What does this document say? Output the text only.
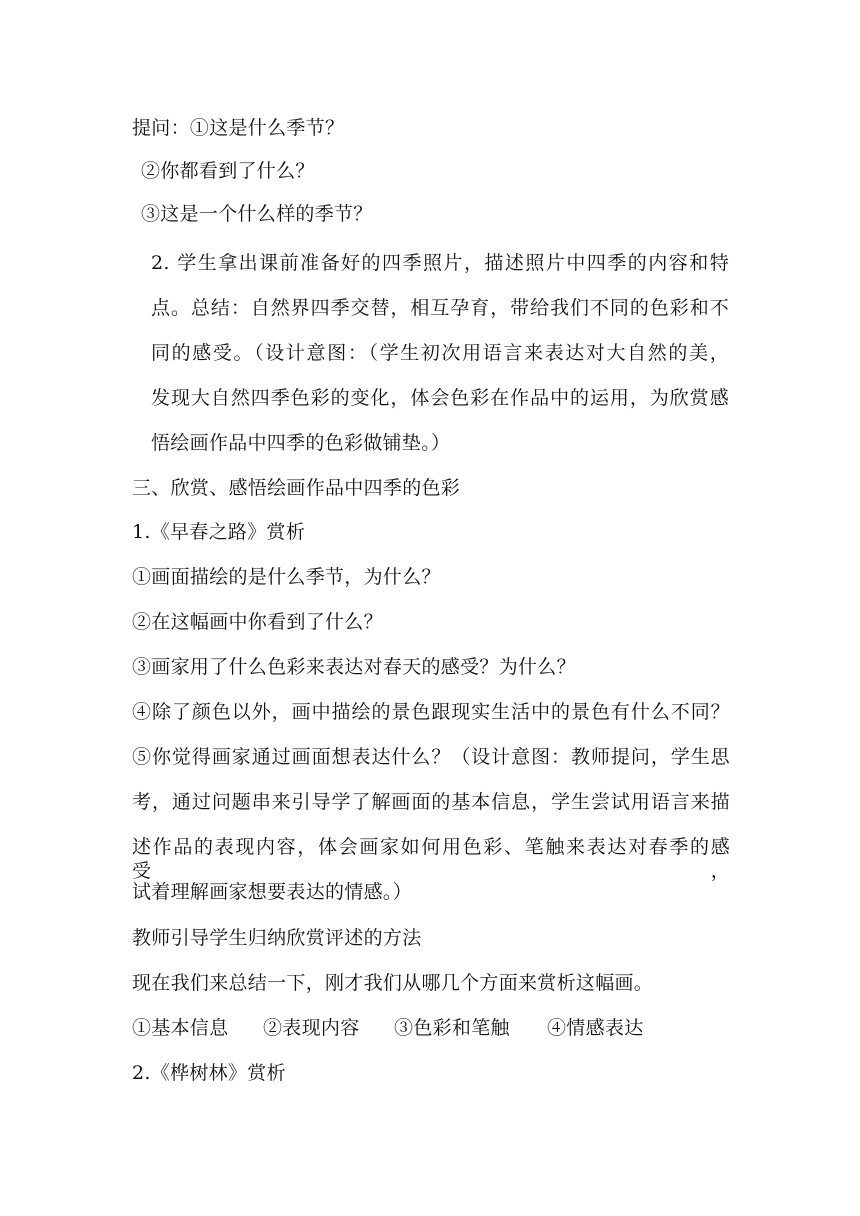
提问：①这是什么季节？
②你都看到了什么？
③这是一个什么样的季节？
2. 学生拿出课前准备好的四季照片，描述照片中四季的内容和特
点。总结：自然界四季交替，相互孕育，带给我们不同的色彩和不
同的感受。（设计意图：（学生初次用语言来表达对大自然的美，
发现大自然四季色彩的变化，体会色彩在作品中的运用，为欣赏感
悟绘画作品中四季的色彩做铺垫。）
三、欣赏、感悟绘画作品中四季的色彩
1.《早春之路》赏析
①画面描绘的是什么季节，为什么？
②在这幅画中你看到了什么？
③画家用了什么色彩来表达对春天的感受？为什么？
④除了颜色以外，画中描绘的景色跟现实生活中的景色有什么不同？
⑤你觉得画家通过画面想表达什么？（设计意图：教师提问，学生思
考，通过问题串来引导学了解画面的基本信息，学生尝试用语言来描
述作品的表现内容，体会画家如何用色彩、笔触来表达对春季的感受，
试着理解画家想要表达的情感。）
教师引导学生归纳欣赏评述的方法
现在我们来总结一下，刚才我们从哪几个方面来赏析这幅画。
①基本信息 ②表现内容 ③色彩和笔触 ④情感表达
2.《桦树林》赏析
